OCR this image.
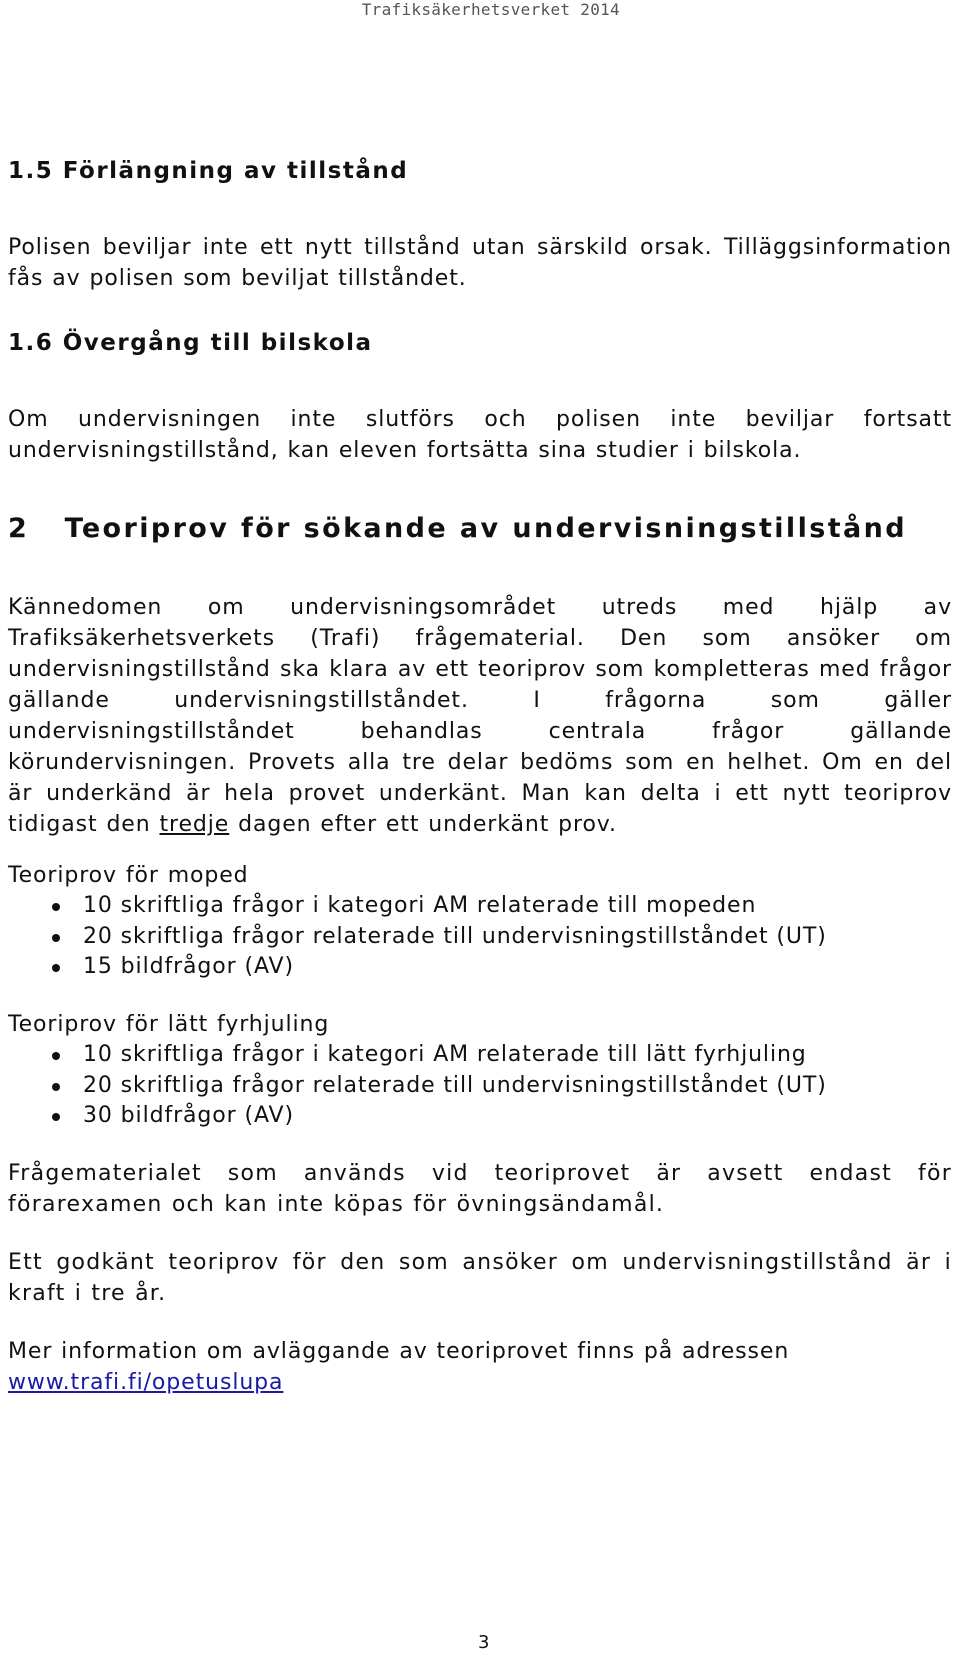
Trafiksäkerhetsverket 2014
1.5 Förlängning av tillstånd

Polisen beviljar inte ett nytt tillstånd utan särskild orsak. Tilläggsinformation fås av polisen som beviljat tillståndet.

1.6 Övergång till bilskola

Om undervisningen inte slutförs och polisen inte beviljar fortsatt undervisningstillstånd, kan eleven fortsätta sina studier i bilskola.

2   Teoriprov för sökande av undervisningstillstånd

Kännedomen om undervisningsområdet utreds med hjälp av Trafiksäkerhetsverkets (Trafi) frågematerial. Den som ansöker om undervisningstillstånd ska klara av ett teoriprov som kompletteras med frågor gällande undervisningstillståndet. I frågorna som gäller undervisningstillståndet behandlas centrala frågor gällande körundervisningen. Provets alla tre delar bedöms som en helhet. Om en del är underkänd är hela provet underkänt. Man kan delta i ett nytt teoriprov tidigast den tredje dagen efter ett underkänt prov.

Teoriprov för moped

10 skriftliga frågor i kategori AM relaterade till mopeden
20 skriftliga frågor relaterade till undervisningstillståndet (UT)
15 bildfrågor (AV)

Teoriprov för lätt fyrhjuling

10 skriftliga frågor i kategori AM relaterade till lätt fyrhjuling
20 skriftliga frågor relaterade till undervisningstillståndet (UT)
30 bildfrågor (AV)

Frågematerialet som används vid teoriprovet är avsett endast för förarexamen och kan inte köpas för övningsändamål.

Ett godkänt teoriprov för den som ansöker om undervisningstillstånd är i kraft i tre år.

Mer information om avläggande av teoriprovet finns på adressen
www.trafi.fi/opetuslupa

3
